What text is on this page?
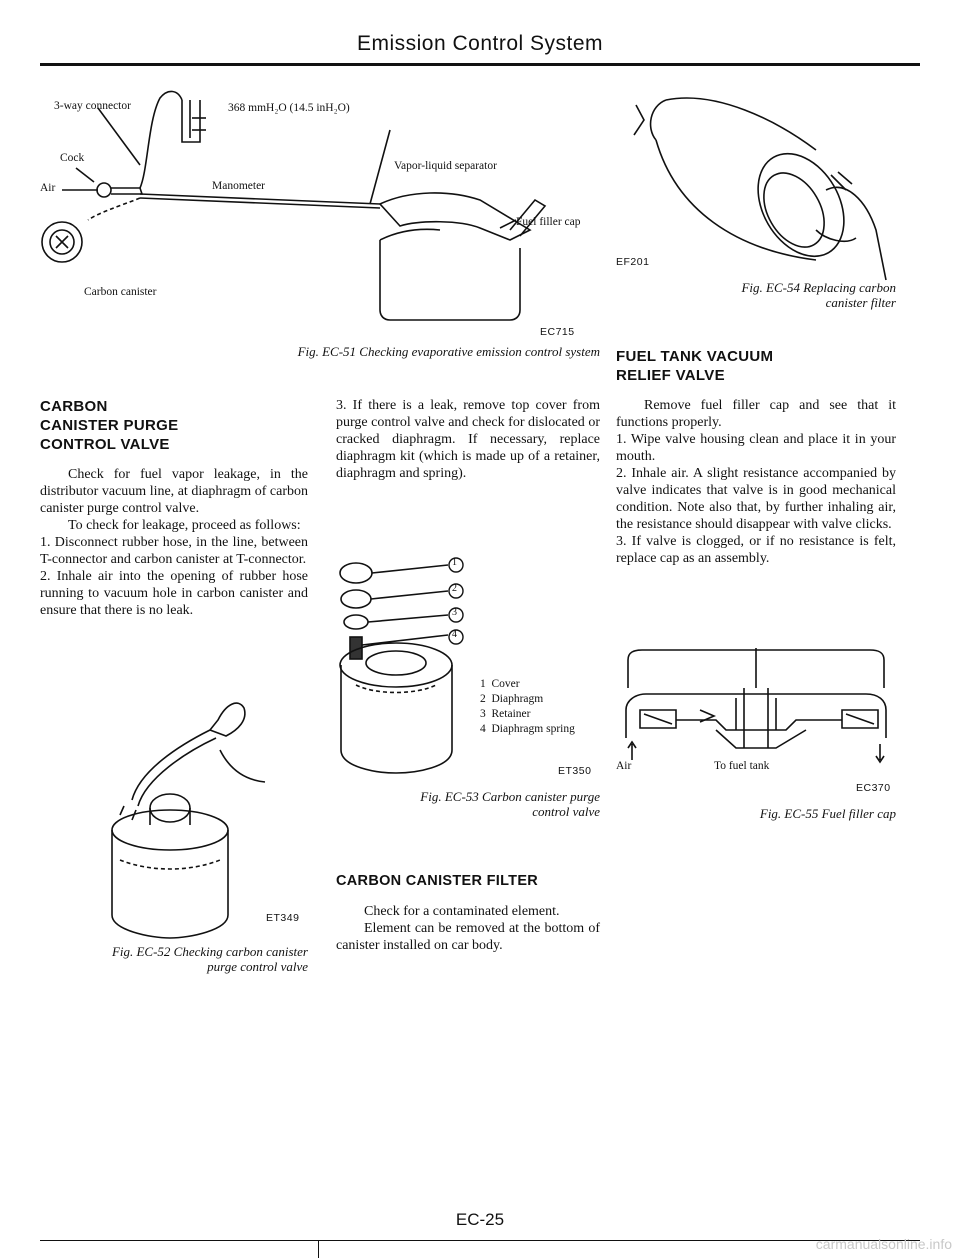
Emission Control System
3-way connector	368 mmH₂O (14.5 inH₂O)
Cock
Air	Manometer
Vapor-liquid separator
Fuel filler cap
Carbon canister
EC715
Fig. EC-51 Checking evaporative emission control system
EF201
Fig. EC-54 Replacing carbon
canister filter
CARBON
CANISTER PURGE
CONTROL VALVE

Check for fuel vapor leakage, in the distributor vacuum line, at diaphragm of carbon canister purge control valve.

To check for leakage, proceed as follows:

1. Disconnect rubber hose, in the line, between T-connector and carbon canister at T-connector.

2. Inhale air into the opening of rubber hose running to vacuum hole in carbon canister and ensure that there is no leak.

ET349
Fig. EC-52 Checking carbon canister
purge control valve

3. If there is a leak, remove top cover from purge control valve and check for dislocated or cracked diaphragm. If necessary, replace diaphragm kit (which is made up of a retainer, diaphragm and spring).

1
2
3
4
1 Cover
2 Diaphragm
3 Retainer
4 Diaphragm spring
ET350
Fig. EC-53 Carbon canister purge
control valve
CARBON CANISTER FILTER

Check for a contaminated element.

Element can be removed at the bottom of canister installed on car body.

FUEL TANK VACUUM
RELIEF VALVE

Remove fuel filler cap and see that it functions properly.

1. Wipe valve housing clean and place it in your mouth.

2. Inhale air. A slight resistance accompanied by valve indicates that valve is in good mechanical condition. Note also that, by further inhaling air, the resistance should disappear with valve clicks.

3. If valve is clogged, or if no resistance is felt, replace cap as an assembly.

Air	To fuel tank
EC370
Fig. EC-55 Fuel filler cap
EC-25
carmanualsonline.info
